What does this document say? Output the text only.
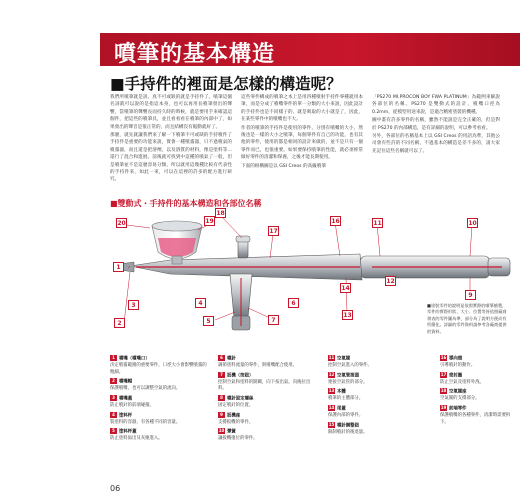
噴筆的基本構造
■手持件的裡面是怎樣的構造呢？

我們所噴筆就是説，真不可或缺的就是手持件了。噴筆這個名詞就可以說的是指這本身，也可以再用長噴筆發出的聲響，當噴筆的聲響長而持久時的時候，就是要用手來確認這個件，把這些的噴筆具，並且看看看在噴筆的內部中了，如果發出的聲音是很正常的，而且結構沒有鬆動就好了。

那麼，就先就讓我們來了解一下噴筆不可或缺的手持噴件了手持件是重要的功能來說，實會一種噴霧器，只不過噴氣的噴霧器，而且還是把溶劑，以及溶質的材料，像是塗料等…還行了混合和進展。前後就可找到中這種的噴氣了一般，但是噴筆並不是這麼容易分類，所以就用這幾種比較有代表性的手持件來，如此一來，可以在這裡的許多的配方進行研究。

這些零件構成的噴筆之本上是用四種噴射手持件零種就用本筆，而是分成了噴嘴零件的單一分類的大小來說，因此設計的手持件也是不同樣子的，就是吸取的大小就是了，因此，在某些零件中的噴嘴也不大。

作者的噴筆的手持件是使用的零件，分別有噴嘴的大小，然後也是一樣的大小之噴筆，每個零件有自己的功能，也有其他的零件，使用的都是相同的設計來做的，並不是只有一個零件而已，也很重要。如果要保持噴筆的性能，就必須經常做好零件的清潔和保養，之後才能長期使用。

下面的組構圖是以 GSI Creos 的高級噴筆

「PS270 MI.PROCON BOY FWA PLATINUM」為範例來解說各部位的名稱。PS270 是雙動式的設計，噴嘴口徑為 0.2mm，從模型用途來說，是適合精密塗裝的機種。

圖中畫有許多零件的名稱，雖然不能說是完全正確的，但是對於 PS270 的內部構造，是有詳細的說明，可以參考看看。

另外，各部位的名稱基本上以 GSI Creos 的用語為準，其他公司會有些許的不同名稱，不過基本的構造是差不多的，請大家先記住這些名稱就可以了。

■雙動式・手持件的基本構造和各部位名稱
20	19
18
17
16	11	10
1
2	5	7
13
9
12
14
6
4
3	■塗裝零件的說明是依照實際的噴筆繪製，零件的實際形狀、大小、位置等皆依照廠商發表的零件圖為準，部分為了說明方便而有所簡化。詳細的零件資料請參考各廠商提供的資料。
1 噴嘴（噴嘴口）
決定噴霧範圍的重要零件，口徑大小會影響噴霧的粗細。
2 噴嘴帽
保護噴嘴，也可以調整空氣的流向。
3 噴嘴蓋
防止噴針的前端碰撞。
4 塗料杯
裝塗料的容器，有各種不同的容量。
5 塗料杯蓋
防止塗料溢出及灰塵進入。
6 噴針
調節塗料流量的零件，與噴嘴配合使用。
7 扳機（按鈕）
控制空氣和塗料的開關，向下按出氣，向後拉出料。
8 噴針固定螺絲
固定噴針的位置。
9 扳機座
支撐扳機的零件。
10 彈簧
讓扳機復位的零件。
11 空氣閥
控制空氣進入的零件。
12 空氣管接頭
連接空氣管的部分。
13 本體
噴筆的主體部分。
14 尾蓋
保護內部的零件。
15 噴針調整鈕
限制噴針的後退量。
16 導向環
引導噴針的動作。
17 密封圈
防止空氣及塗料外洩。
18 空氣閥座
空氣閥的支撐部分。
19 前端零件
保護噴嘴的各種零件，清潔時需要拆下。
06
